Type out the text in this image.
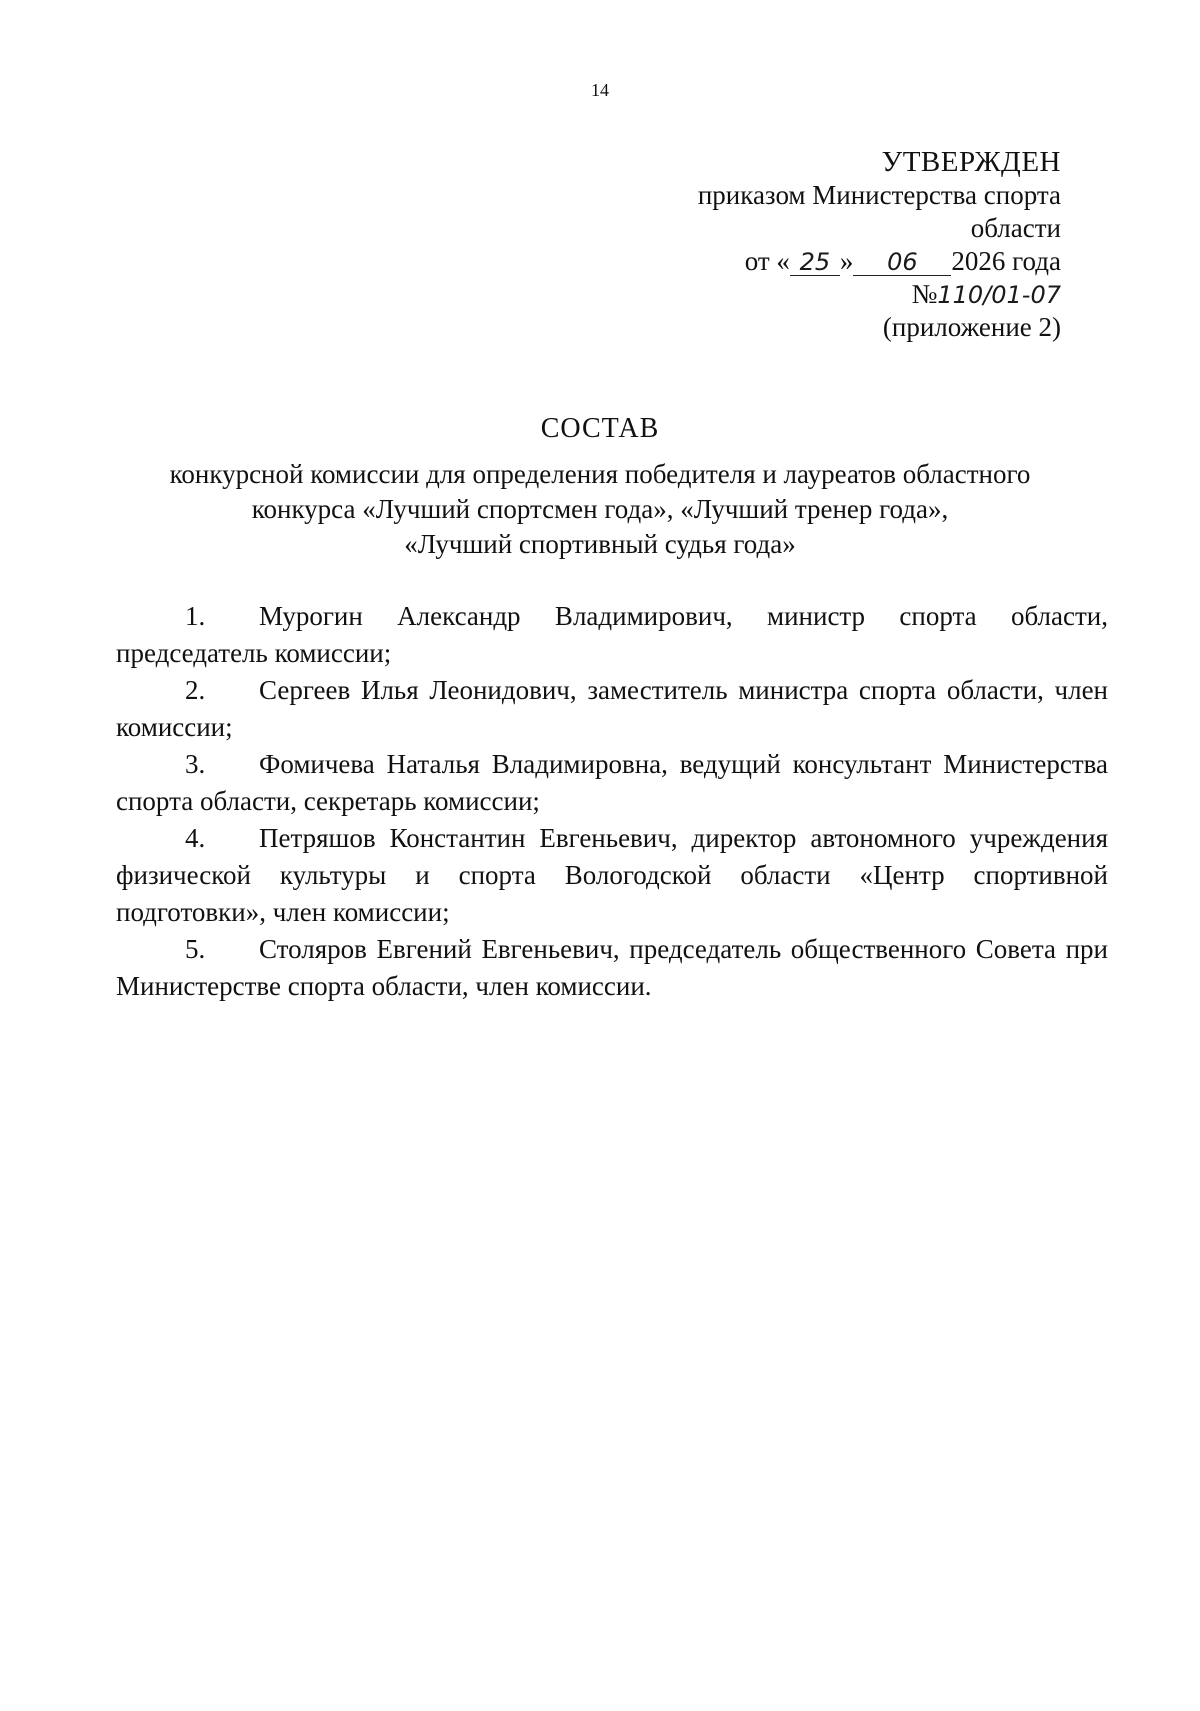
14
УТВЕРЖДЕН
приказом Министерства спорта
области
от « 25 » 06 2026 года
№110/01-07
(приложение 2)
СОСТАВ
конкурсной комиссии для определения победителя и лауреатов областного
конкурса «Лучший спортсмен года», «Лучший тренер года»,
«Лучший спортивный судья года»

1. Мурогин Александр Владимирович, министр спорта области, председатель комиссии;

2. Сергеев Илья Леонидович, заместитель министра спорта области, член комиссии;

3. Фомичева Наталья Владимировна, ведущий консультант Министерства спорта области, секретарь комиссии;

4. Петряшов Константин Евгеньевич, директор автономного учреждения физической культуры и спорта Вологодской области «Центр спортивной подготовки», член комиссии;

5. Столяров Евгений Евгеньевич, председатель общественного Совета при Министерстве спорта области, член комиссии.
